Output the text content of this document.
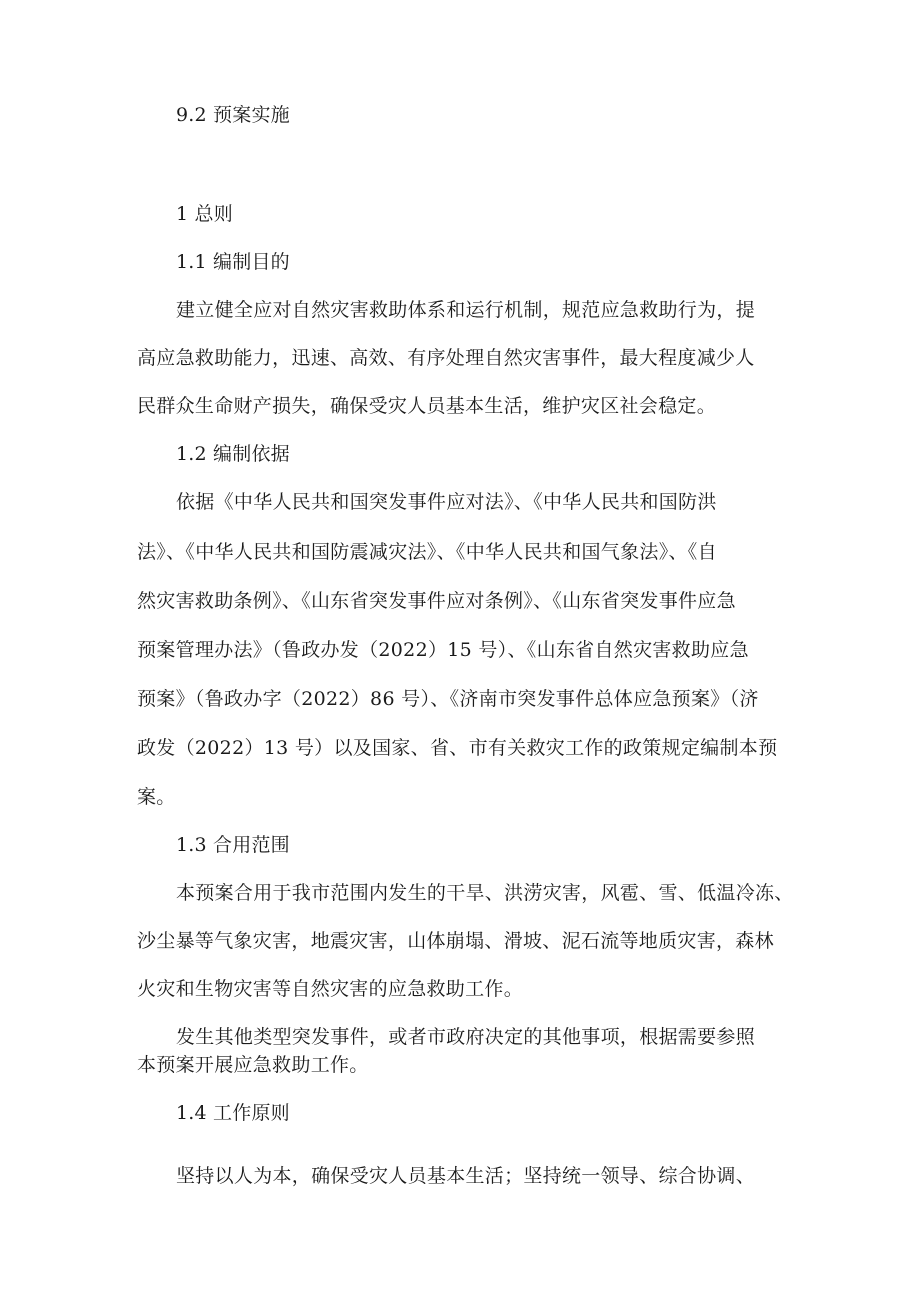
9.2 预案实施
1 总则
1.1 编制目的
建立健全应对自然灾害救助体系和运行机制，规范应急救助行为，提
高应急救助能力，迅速、高效、有序处理自然灾害事件，最大程度减少人
民群众生命财产损失，确保受灾人员基本生活，维护灾区社会稳定。
1.2 编制依据
依据《中华人民共和国突发事件应对法》、《中华人民共和国防洪
法》、《中华人民共和国防震减灾法》、《中华人民共和国气象法》、《自
然灾害救助条例》、《山东省突发事件应对条例》、《山东省突发事件应急
预案管理办法》（鲁政办发（2022）15 号）、《山东省自然灾害救助应急
预案》（鲁政办字（2022）86 号）、《济南市突发事件总体应急预案》（济
政发（2022）13 号）以及国家、省、市有关救灾工作的政策规定编制本预
案。
1.3 合用范围
本预案合用于我市范围内发生的干旱、洪涝灾害，风雹、雪、低温冷冻、
沙尘暴等气象灾害，地震灾害，山体崩塌、滑坡、泥石流等地质灾害，森林
火灾和生物灾害等自然灾害的应急救助工作。
发生其他类型突发事件，或者市政府决定的其他事项，根据需要参照
本预案开展应急救助工作。
1.4 工作原则
坚持以人为本，确保受灾人员基本生活；坚持统一领导、综合协调、
